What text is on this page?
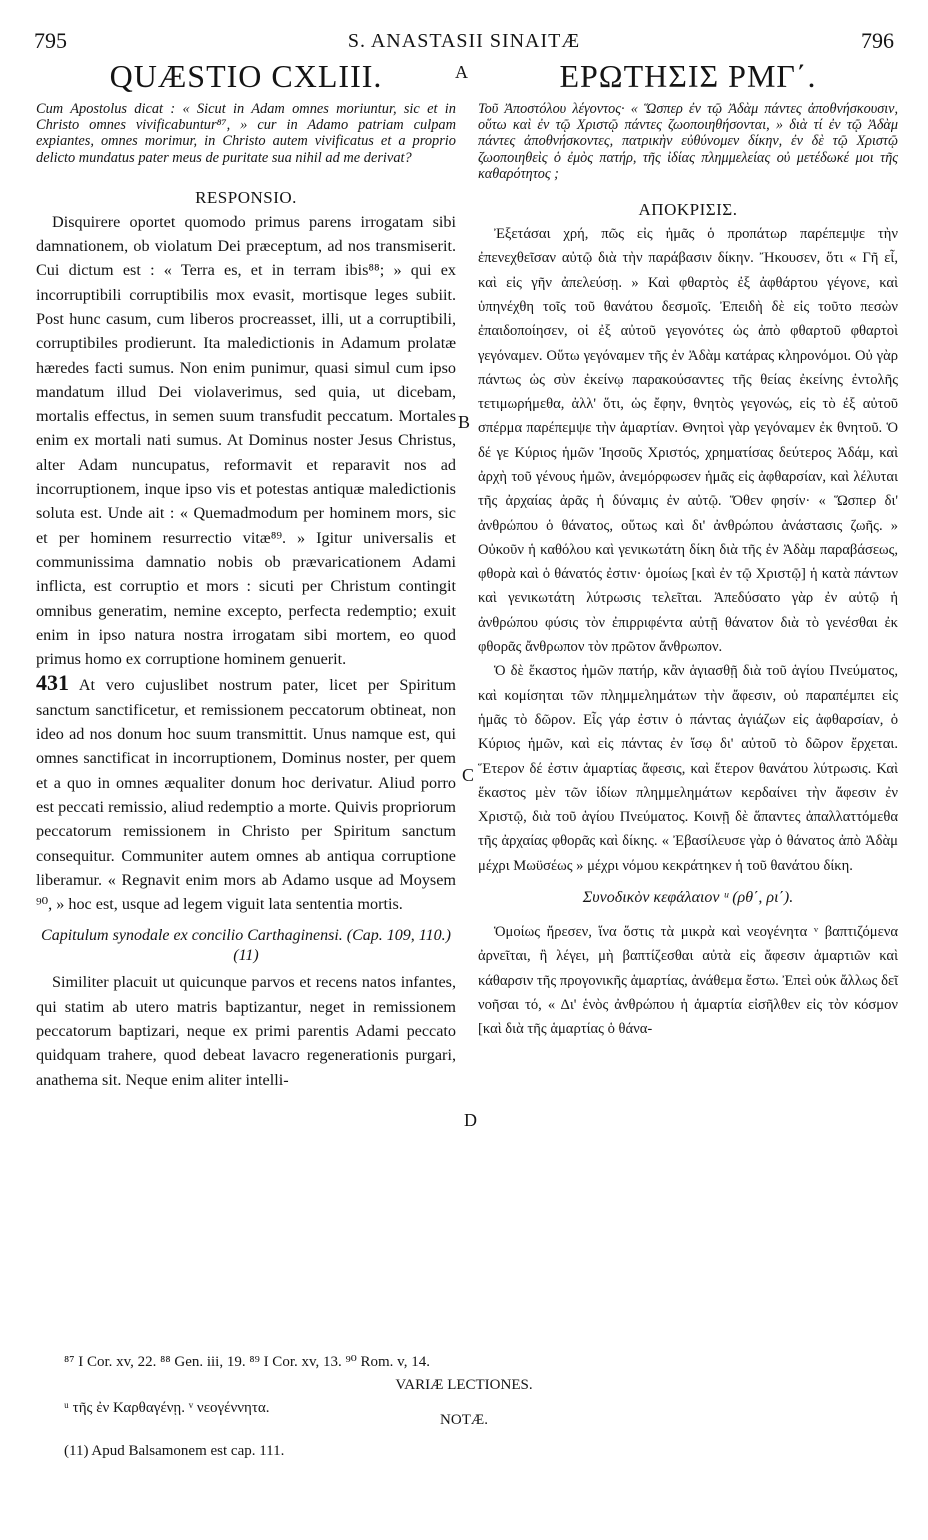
795	S. ANASTASII SINAITÆ	796
A
B
C
D
QUÆSTIO CXLIII.
Cum Apostolus dicat : « Sicut in Adam omnes moriuntur, sic et in Christo omnes vivificabuntur⁸⁷, » cur in Adamo patriam culpam expiantes, omnes morimur, in Christo autem vivificatus et a proprio delicto mundatus pater meus de puritate sua nihil ad me derivat?
RESPONSIO.

Disquirere oportet quomodo primus parens irrogatam sibi damnationem, ob violatum Dei præceptum, ad nos transmiserit. Cui dictum est : « Terra es, et in terram ibis⁸⁸; » qui ex incorruptibili corruptibilis mox evasit, mortisque leges subiit. Post hunc casum, cum liberos procreasset, illi, ut a corruptibili, corruptibiles prodierunt. Ita maledictionis in Adamum prolatæ hæredes facti sumus. Non enim punimur, quasi simul cum ipso mandatum illud Dei violaverimus, sed quia, ut dicebam, mortalis effectus, in semen suum transfudit peccatum. Mortales enim ex mortali nati sumus. At Dominus noster Jesus Christus, alter Adam nuncupatus, reformavit et reparavit nos ad incorruptionem, inque ipso vis et potestas antiquæ maledictionis soluta est. Unde ait : « Quemadmodum per hominem mors, sic et per hominem resurrectio vitæ⁸⁹. » Igitur universalis et communissima damnatio nobis ob prævaricationem Adami inflicta, est corruptio et mors : sicuti per Christum contingit omnibus generatim, nemine excepto, perfecta redemptio; exuit enim in ipso natura nostra irrogatam sibi mortem, eo quod primus homo ex corruptione hominem genuerit.

431 At vero cujuslibet nostrum pater, licet per Spiritum sanctum sanctificetur, et remissionem peccatorum obtineat, non ideo ad nos donum hoc suum transmittit. Unus namque est, qui omnes sanctificat in incorruptionem, Dominus noster, per quem et a quo in omnes æqualiter donum hoc derivatur. Aliud porro est peccati remissio, aliud redemptio a morte. Quivis propriorum peccatorum remissionem in Christo per Spiritum sanctum consequitur. Communiter autem omnes ab antiqua corruptione liberamur. « Regnavit enim mors ab Adamo usque ad Moysem ⁹⁰, » hoc est, usque ad legem viguit lata sententia mortis.

Capitulum synodale ex concilio Carthaginensi. (Cap. 109, 110.) (11)

Similiter placuit ut quicunque parvos et recens natos infantes, qui statim ab utero matris baptizantur, neget in remissionem peccatorum baptizari, neque ex primi parentis Adami peccato quidquam trahere, quod debeat lavacro regenerationis purgari, anathema sit. Neque enim aliter intelli-

ΕΡΩΤΗΣΙΣ ΡΜΓ΄.
Τοῦ Ἀποστόλου λέγοντος· « Ὥσπερ ἐν τῷ Ἀδὰμ πάντες ἀποθνήσκουσιν, οὕτω καὶ ἐν τῷ Χριστῷ πάντες ζωοποιηθήσονται, » διὰ τί ἐν τῷ Ἀδὰμ πάντες ἀποθνήσκοντες, πατρικὴν εὐθύνομεν δίκην, ἐν δὲ τῷ Χριστῷ ζωοποιηθεὶς ὁ ἐμὸς πατήρ, τῆς ἰδίας πλημμελείας οὐ μετέδωκέ μοι τῆς καθαρότητος ;
ΑΠΟΚΡΙΣΙΣ.

Ἐξετάσαι χρή, πῶς εἰς ἡμᾶς ὁ προπάτωρ παρέπεμψε τὴν ἐπενεχθεῖσαν αὐτῷ διὰ τὴν παράβασιν δίκην. Ἤκουσεν, ὅτι « Γῆ εἶ, καὶ εἰς γῆν ἀπελεύσῃ. » Καὶ φθαρτὸς ἐξ ἀφθάρτου γέγονε, καὶ ὑπηνέχθη τοῖς τοῦ θανάτου δεσμοῖς. Ἐπειδὴ δὲ εἰς τοῦτο πεσὼν ἐπαιδοποίησεν, οἱ ἐξ αὐτοῦ γεγονότες ὡς ἀπὸ φθαρτοῦ φθαρτοὶ γεγόναμεν. Οὕτω γεγόναμεν τῆς ἐν Ἀδὰμ κατάρας κληρονόμοι. Οὐ γὰρ πάντως ὡς σὺν ἐκείνῳ παρακούσαντες τῆς θείας ἐκείνης ἐντολῆς τετιμωρήμεθα, ἀλλ' ὅτι, ὡς ἔφην, θνητὸς γεγονώς, εἰς τὸ ἐξ αὐτοῦ σπέρμα παρέπεμψε τὴν ἁμαρτίαν. Θνητοὶ γὰρ γεγόναμεν ἐκ θνητοῦ. Ὁ δέ γε Κύριος ἡμῶν Ἰησοῦς Χριστός, χρηματίσας δεύτερος Ἀδάμ, καὶ ἀρχὴ τοῦ γένους ἡμῶν, ἀνεμόρφωσεν ἡμᾶς εἰς ἀφθαρσίαν, καὶ λέλυται τῆς ἀρχαίας ἀρᾶς ἡ δύναμις ἐν αὐτῷ. Ὅθεν φησίν· « Ὥσπερ δι' ἀνθρώπου ὁ θάνατος, οὕτως καὶ δι' ἀνθρώπου ἀνάστασις ζωῆς. » Οὐκοῦν ἡ καθόλου καὶ γενικωτάτη δίκη διὰ τῆς ἐν Ἀδὰμ παραβάσεως, φθορὰ καὶ ὁ θάνατός ἐστιν· ὁμοίως [καὶ ἐν τῷ Χριστῷ] ἡ κατὰ πάντων καὶ γενικωτάτη λύτρωσις τελεῖται. Ἀπεδύσατο γὰρ ἐν αὐτῷ ἡ ἀνθρώπου φύσις τὸν ἐπιρριφέντα αὐτῇ θάνατον διὰ τὸ γενέσθαι ἐκ φθορᾶς ἄνθρωπον τὸν πρῶτον ἄνθρωπον.

Ὁ δὲ ἕκαστος ἡμῶν πατήρ, κἂν ἁγιασθῇ διὰ τοῦ ἁγίου Πνεύματος, καὶ κομίσηται τῶν πλημμελημάτων τὴν ἄφεσιν, οὐ παραπέμπει εἰς ἡμᾶς τὸ δῶρον. Εἷς γάρ ἐστιν ὁ πάντας ἁγιάζων εἰς ἀφθαρσίαν, ὁ Κύριος ἡμῶν, καὶ εἰς πάντας ἐν ἴσῳ δι' αὐτοῦ τὸ δῶρον ἔρχεται. Ἕτερον δέ ἐστιν ἁμαρτίας ἄφεσις, καὶ ἕτερον θανάτου λύτρωσις. Καὶ ἕκαστος μὲν τῶν ἰδίων πλημμελημάτων κερδαίνει τὴν ἄφεσιν ἐν Χριστῷ, διὰ τοῦ ἁγίου Πνεύματος. Κοινῇ δὲ ἅπαντες ἀπαλλαττόμεθα τῆς ἀρχαίας φθορᾶς καὶ δίκης. « Ἐβασίλευσε γὰρ ὁ θάνατος ἀπὸ Ἀδὰμ μέχρι Μωϋσέως » μέχρι νόμου κεκράτηκεν ἡ τοῦ θανάτου δίκη.

Συνοδικὸν κεφάλαιον ᵘ (ρθ΄, ρι΄).

Ὁμοίως ἤρεσεν, ἵνα ὅστις τὰ μικρὰ καὶ νεογένητα ᵛ βαπτιζόμενα ἀρνεῖται, ἢ λέγει, μὴ βαπτίζεσθαι αὐτὰ εἰς ἄφεσιν ἁμαρτιῶν καὶ κάθαρσιν τῆς προγονικῆς ἁμαρτίας, ἀνάθεμα ἔστω. Ἐπεὶ οὐκ ἄλλως δεῖ νοῆσαι τό, « Δι' ἑνὸς ἀνθρώπου ἡ ἁμαρτία εἰσῆλθεν εἰς τὸν κόσμον [καὶ διὰ τῆς ἁμαρτίας ὁ θάνα-

⁸⁷ I Cor. xv, 22. ⁸⁸ Gen. iii, 19. ⁸⁹ I Cor. xv, 13. ⁹⁰ Rom. v, 14.
VARIÆ LECTIONES.
ᵘ τῆς ἐν Καρθαγένῃ. ᵛ νεογέννητα.
NOTÆ.
(11) Apud Balsamonem est cap. 111.
